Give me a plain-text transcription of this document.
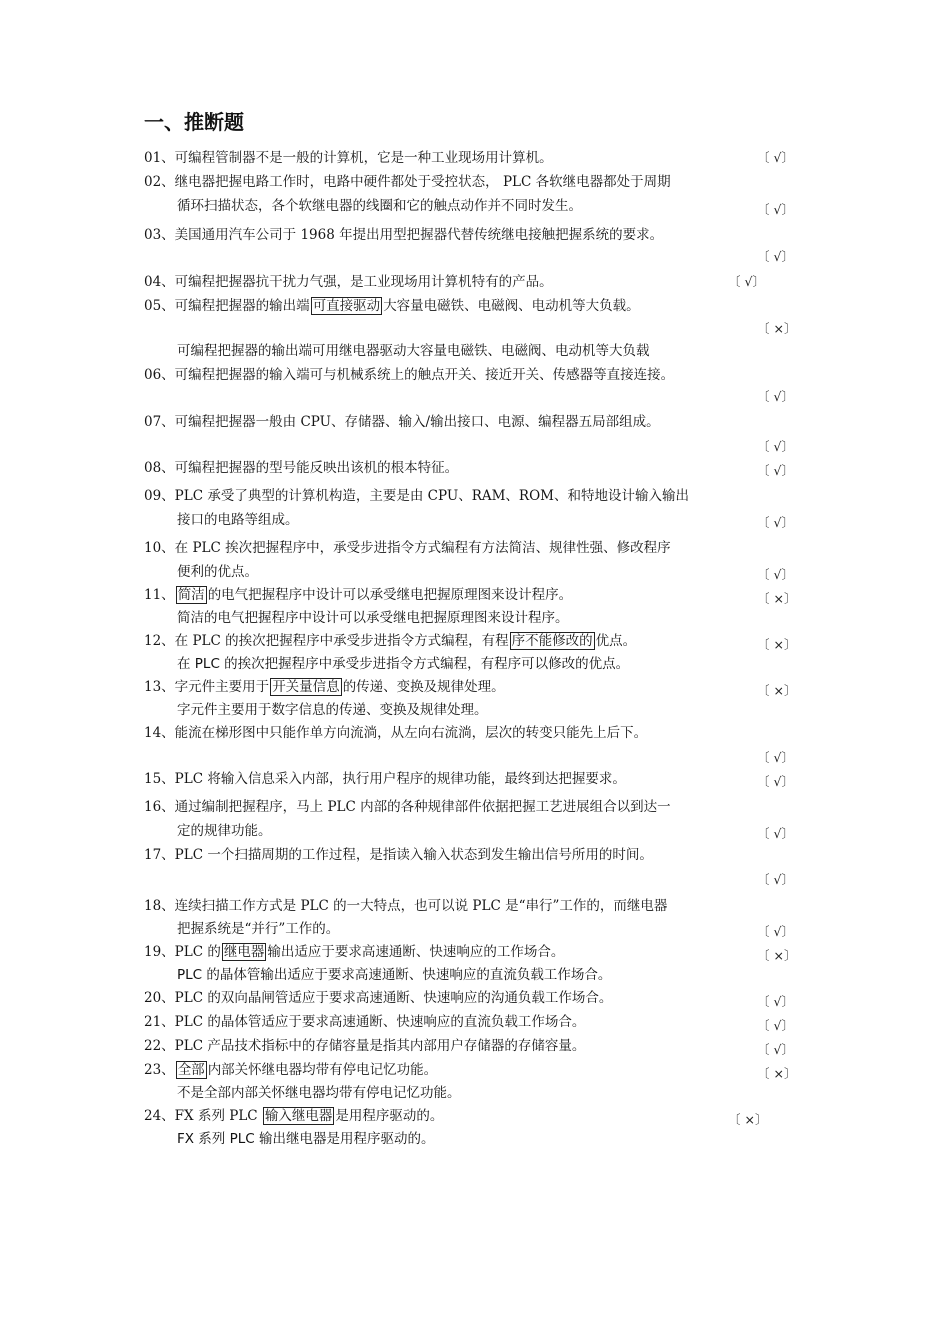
一、推断题
01、可编程管制器不是一般的计算机，它是一种工业现场用计算机。	〔 √〕
02、继电器把握电路工作时，电路中硬件都处于受控状态， PLC 各软继电器都处于周期
循环扫描状态，各个软继电器的线圈和它的触点动作并不同时发生。	〔 √〕
03、美国通用汽车公司于 1968 年提出用型把握器代替传统继电接触把握系统的要求。
〔 √〕
04、可编程把握器抗干扰力气强，是工业现场用计算机特有的产品。	〔 √〕
05、可编程把握器的输出端 可直接驱动 大容量电磁铁、电磁阀、电动机等大负载。
〔 ×〕
可编程把握器的输出端可用继电器驱动大容量电磁铁、电磁阀、电动机等大负载
06、可编程把握器的输入端可与机械系统上的触点开关、接近开关、传感器等直接连接。
〔 √〕
07、可编程把握器一般由 CPU、存储器、输入/输出接口、电源、编程器五局部组成。
〔 √〕
08、可编程把握器的型号能反映出该机的根本特征。	〔 √〕
09、PLC 承受了典型的计算机构造，主要是由 CPU、RAM、ROM、和特地设计输入输出
接口的电路等组成。	〔 √〕
10、在 PLC 挨次把握程序中，承受步进指令方式编程有方法简洁、规律性强、修改程序
便利的优点。	〔 √〕
11、 简洁 的电气把握程序中设计可以承受继电把握原理图来设计程序。	〔 ×〕
简洁的电气把握程序中设计可以承受继电把握原理图来设计程序。
12、在 PLC 的挨次把握程序中承受步进指令方式编程，有程 序不能修改的 优点。	〔 ×〕
在 PLC 的挨次把握程序中承受步进指令方式编程，有程序可以修改的优点。
13、字元件主要用于 开关量信息 的传递、变换及规律处理。	〔 ×〕
字元件主要用于数字信息的传递、变换及规律处理。
14、能流在梯形图中只能作单方向流淌，从左向右流淌，层次的转变只能先上后下。
〔 √〕
15、PLC 将输入信息采入内部，执行用户程序的规律功能，最终到达把握要求。	〔 √〕
16、通过编制把握程序，马上 PLC 内部的各种规律部件依据把握工艺进展组合以到达一
定的规律功能。	〔 √〕
17、PLC 一个扫描周期的工作过程，是指读入输入状态到发生输出信号所用的时间。
〔 √〕
18、连续扫描工作方式是 PLC 的一大特点，也可以说 PLC 是“串行”工作的，而继电器
把握系统是“并行”工作的。	〔 √〕
19、PLC 的 继电器 输出适应于要求高速通断、快速响应的工作场合。	〔 ×〕
PLC 的晶体管输出适应于要求高速通断、快速响应的直流负载工作场合。
20、PLC 的双向晶闸管适应于要求高速通断、快速响应的沟通负载工作场合。	〔 √〕
21、PLC 的晶体管适应于要求高速通断、快速响应的直流负载工作场合。	〔 √〕
22、PLC 产品技术指标中的存储容量是指其内部用户存储器的存储容量。	〔 √〕
23、 全部 内部关怀继电器均带有停电记忆功能。	〔 ×〕
不是全部内部关怀继电器均带有停电记忆功能。
24、FX 系列 PLC 输入继电器 是用程序驱动的。	〔 ×〕
FX 系列 PLC 输出继电器是用程序驱动的。
